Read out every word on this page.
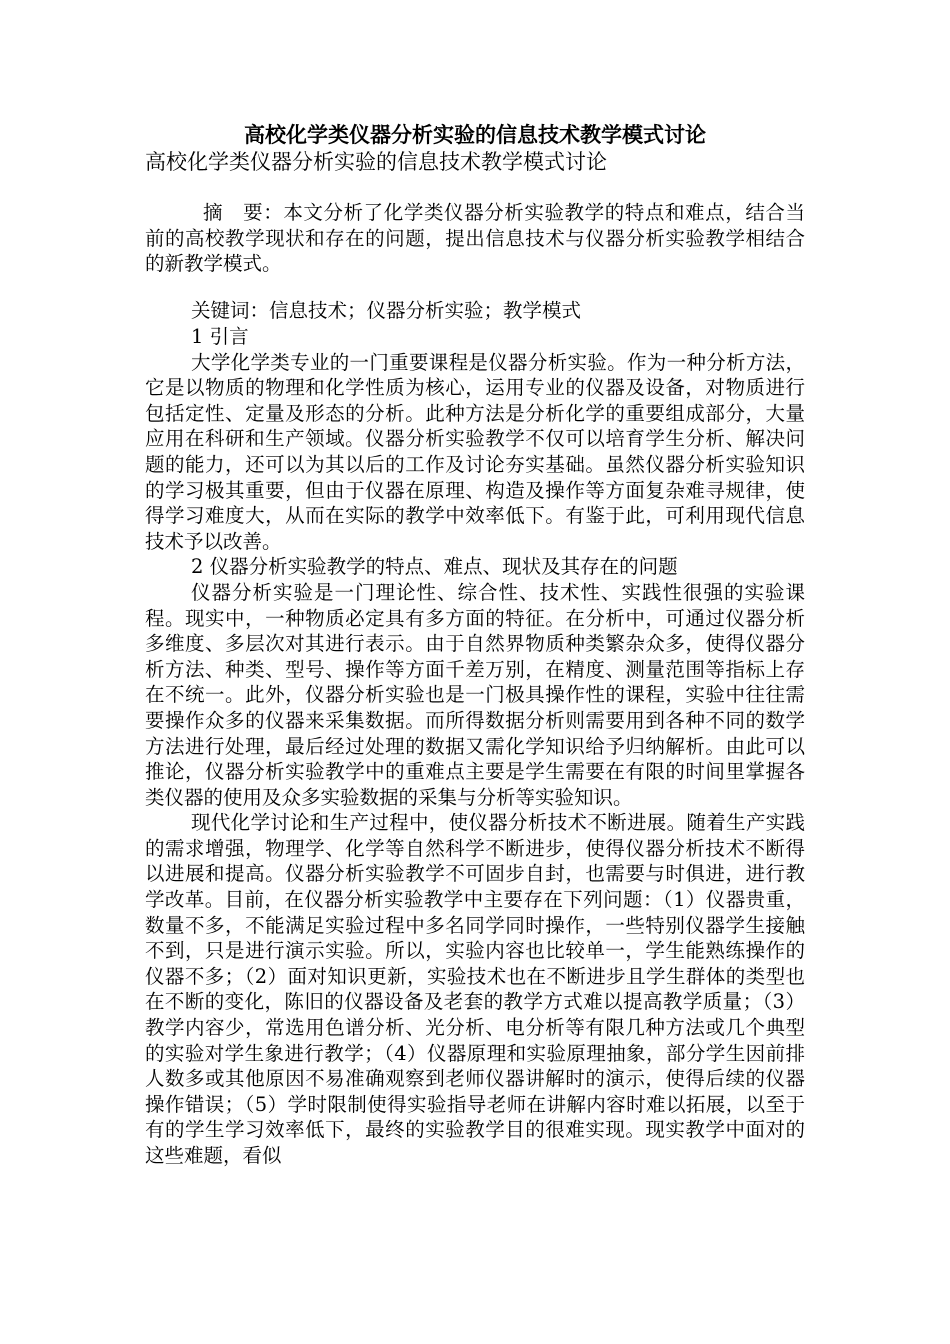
高校化学类仪器分析实验的信息技术教学模式讨论
高校化学类仪器分析实验的信息技术教学模式讨论

摘　要：本文分析了化学类仪器分析实验教学的特点和难点，结合当前的高校教学现状和存在的问题，提出信息技术与仪器分析实验教学相结合的新教学模式。

关键词：信息技术；仪器分析实验；教学模式

1 引言

大学化学类专业的一门重要课程是仪器分析实验。作为一种分析方法，它是以物质的物理和化学性质为核心，运用专业的仪器及设备，对物质进行包括定性、定量及形态的分析。此种方法是分析化学的重要组成部分，大量应用在科研和生产领域。仪器分析实验教学不仅可以培育学生分析、解决问题的能力，还可以为其以后的工作及讨论夯实基础。虽然仪器分析实验知识的学习极其重要，但由于仪器在原理、构造及操作等方面复杂难寻规律，使得学习难度大，从而在实际的教学中效率低下。有鉴于此，可利用现代信息技术予以改善。

2 仪器分析实验教学的特点、难点、现状及其存在的问题

仪器分析实验是一门理论性、综合性、技术性、实践性很强的实验课程。现实中，一种物质必定具有多方面的特征。在分析中，可通过仪器分析多维度、多层次对其进行表示。由于自然界物质种类繁杂众多，使得仪器分析方法、种类、型号、操作等方面千差万别，在精度、测量范围等指标上存在不统一。此外，仪器分析实验也是一门极具操作性的课程，实验中往往需要操作众多的仪器来采集数据。而所得数据分析则需要用到各种不同的数学方法进行处理，最后经过处理的数据又需化学知识给予归纳解析。由此可以推论，仪器分析实验教学中的重难点主要是学生需要在有限的时间里掌握各类仪器的使用及众多实验数据的采集与分析等实验知识。

现代化学讨论和生产过程中，使仪器分析技术不断进展。随着生产实践的需求增强，物理学、化学等自然科学不断进步，使得仪器分析技术不断得以进展和提高。仪器分析实验教学不可固步自封，也需要与时俱进，进行教学改革。目前，在仪器分析实验教学中主要存在下列问题：（1）仪器贵重，数量不多，不能满足实验过程中多名同学同时操作，一些特别仪器学生接触不到，只是进行演示实验。所以，实验内容也比较单一，学生能熟练操作的仪器不多；（2）面对知识更新，实验技术也在不断进步且学生群体的类型也在不断的变化，陈旧的仪器设备及老套的教学方式难以提高教学质量；（3）教学内容少，常选用色谱分析、光分析、电分析等有限几种方法或几个典型的实验对学生象进行教学；（4）仪器原理和实验原理抽象，部分学生因前排人数多或其他原因不易准确观察到老师仪器讲解时的演示，使得后续的仪器操作错误；（5）学时限制使得实验指导老师在讲解内容时难以拓展，以至于有的学生学习效率低下，最终的实验教学目的很难实现。现实教学中面对的这些难题，看似
